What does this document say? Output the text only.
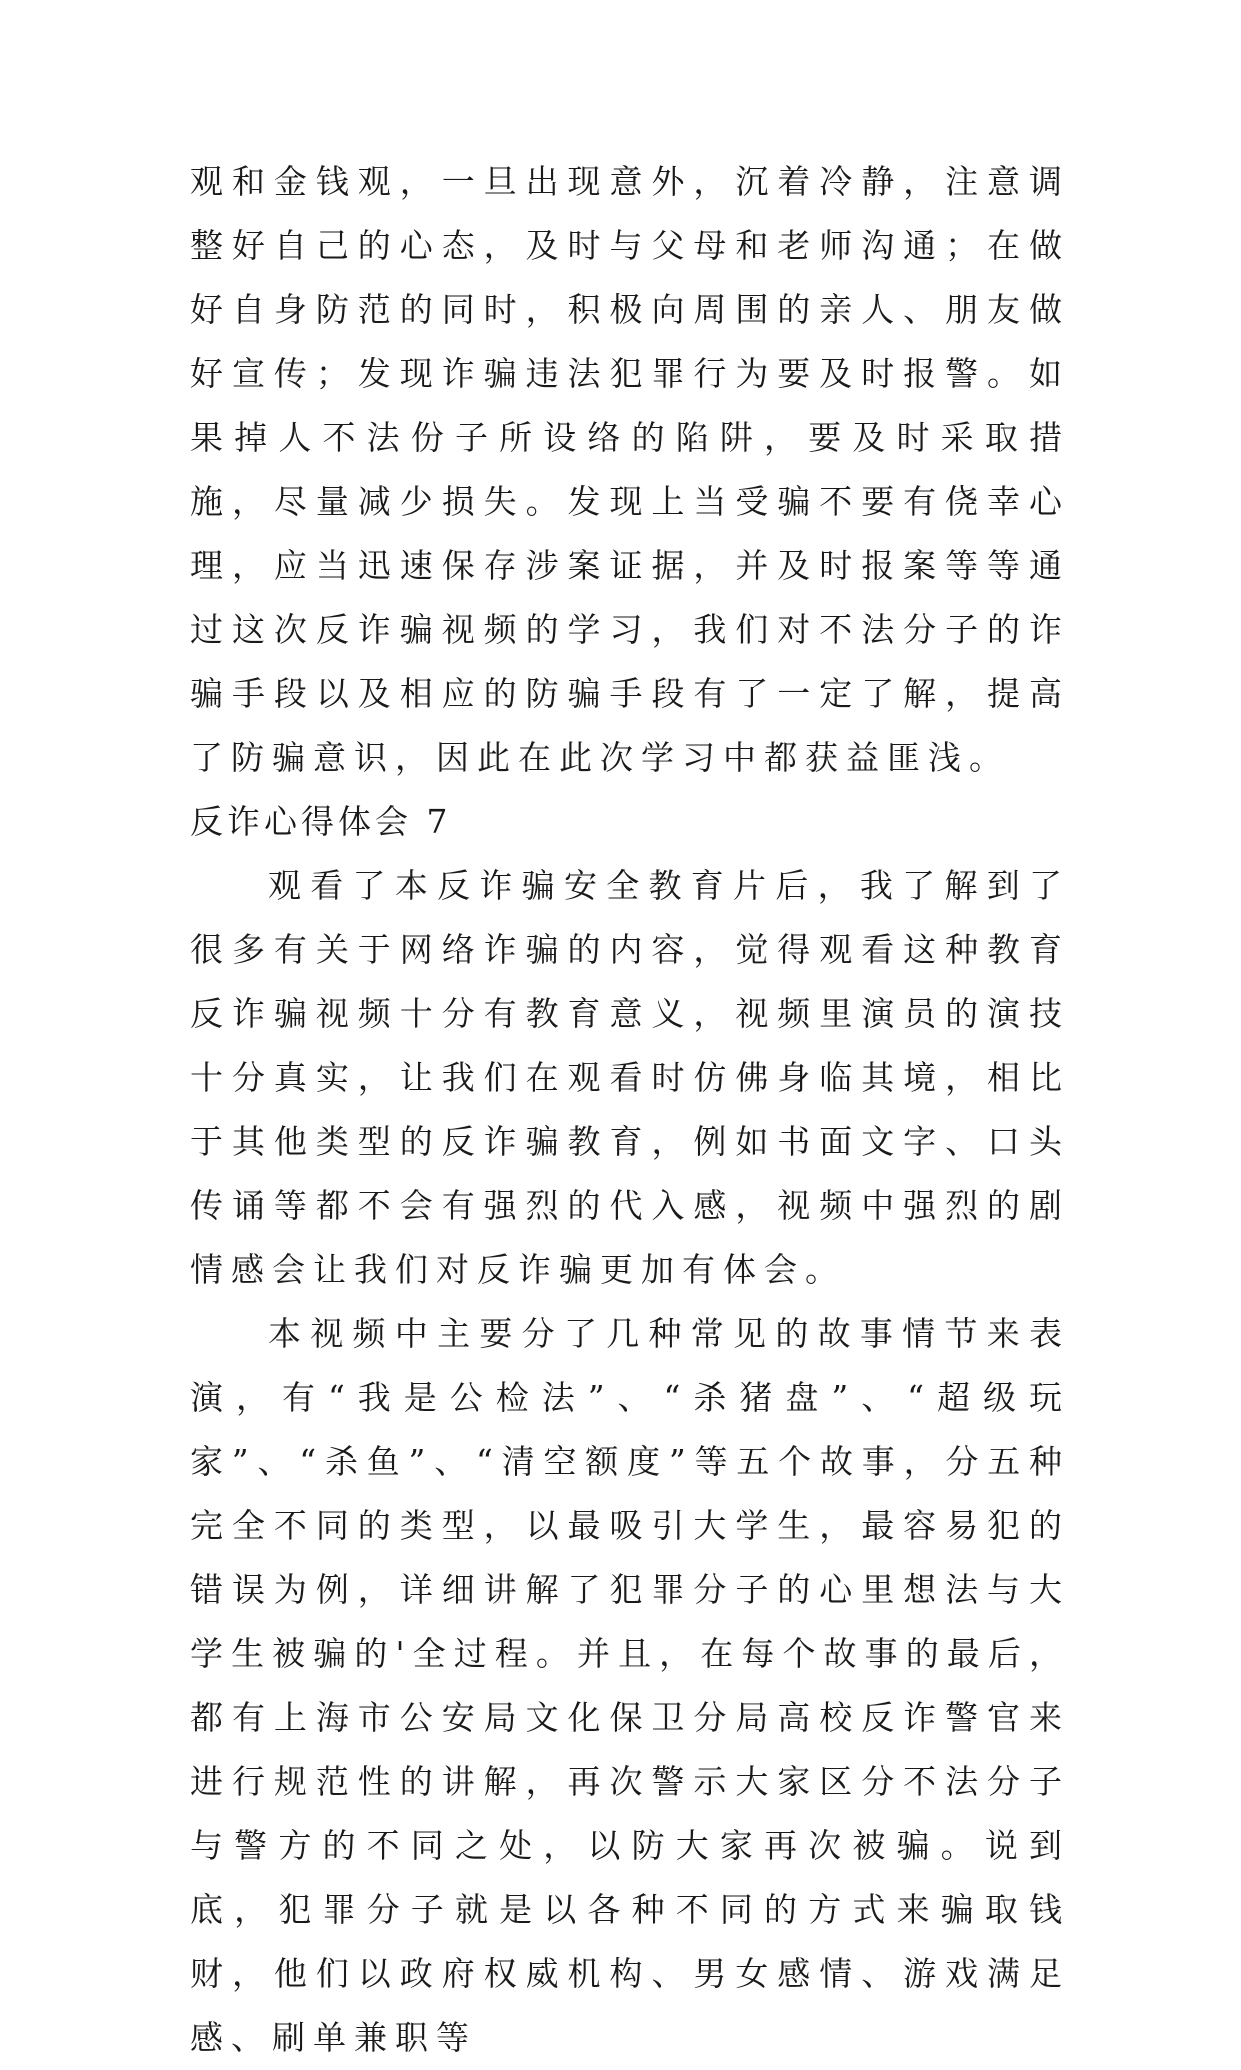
观和金钱观，一旦出现意外，沉着冷静，注意调整好自己的心态，及时与父母和老师沟通；在做好自身防范的同时，积极向周围的亲人、朋友做好宣传；发现诈骗违法犯罪行为要及时报警。如果掉人不法份子所设络的陷阱，要及时采取措施，尽量减少损失。发现上当受骗不要有侥幸心理，应当迅速保存涉案证据，并及时报案等等通过这次反诈骗视频的学习，我们对不法分子的诈骗手段以及相应的防骗手段有了一定了解，提高了防骗意识，因此在此次学习中都获益匪浅。

反诈心得体会 7

观看了本反诈骗安全教育片后，我了解到了很多有关于网络诈骗的内容，觉得观看这种教育反诈骗视频十分有教育意义，视频里演员的演技十分真实，让我们在观看时仿佛身临其境，相比于其他类型的反诈骗教育，例如书面文字、口头传诵等都不会有强烈的代入感，视频中强烈的剧情感会让我们对反诈骗更加有体会。

本视频中主要分了几种常见的故事情节来表演，有“我是公检法”、“杀猪盘”、“超级玩家”、“杀鱼”、“清空额度”等五个故事，分五种完全不同的类型，以最吸引大学生，最容易犯的错误为例，详细讲解了犯罪分子的心里想法与大学生被骗的'全过程。并且，在每个故事的最后，都有上海市公安局文化保卫分局高校反诈警官来进行规范性的讲解，再次警示大家区分不法分子与警方的不同之处，以防大家再次被骗。说到底，犯罪分子就是以各种不同的方式来骗取钱财，他们以政府权威机构、男女感情、游戏满足感、刷单兼职等
